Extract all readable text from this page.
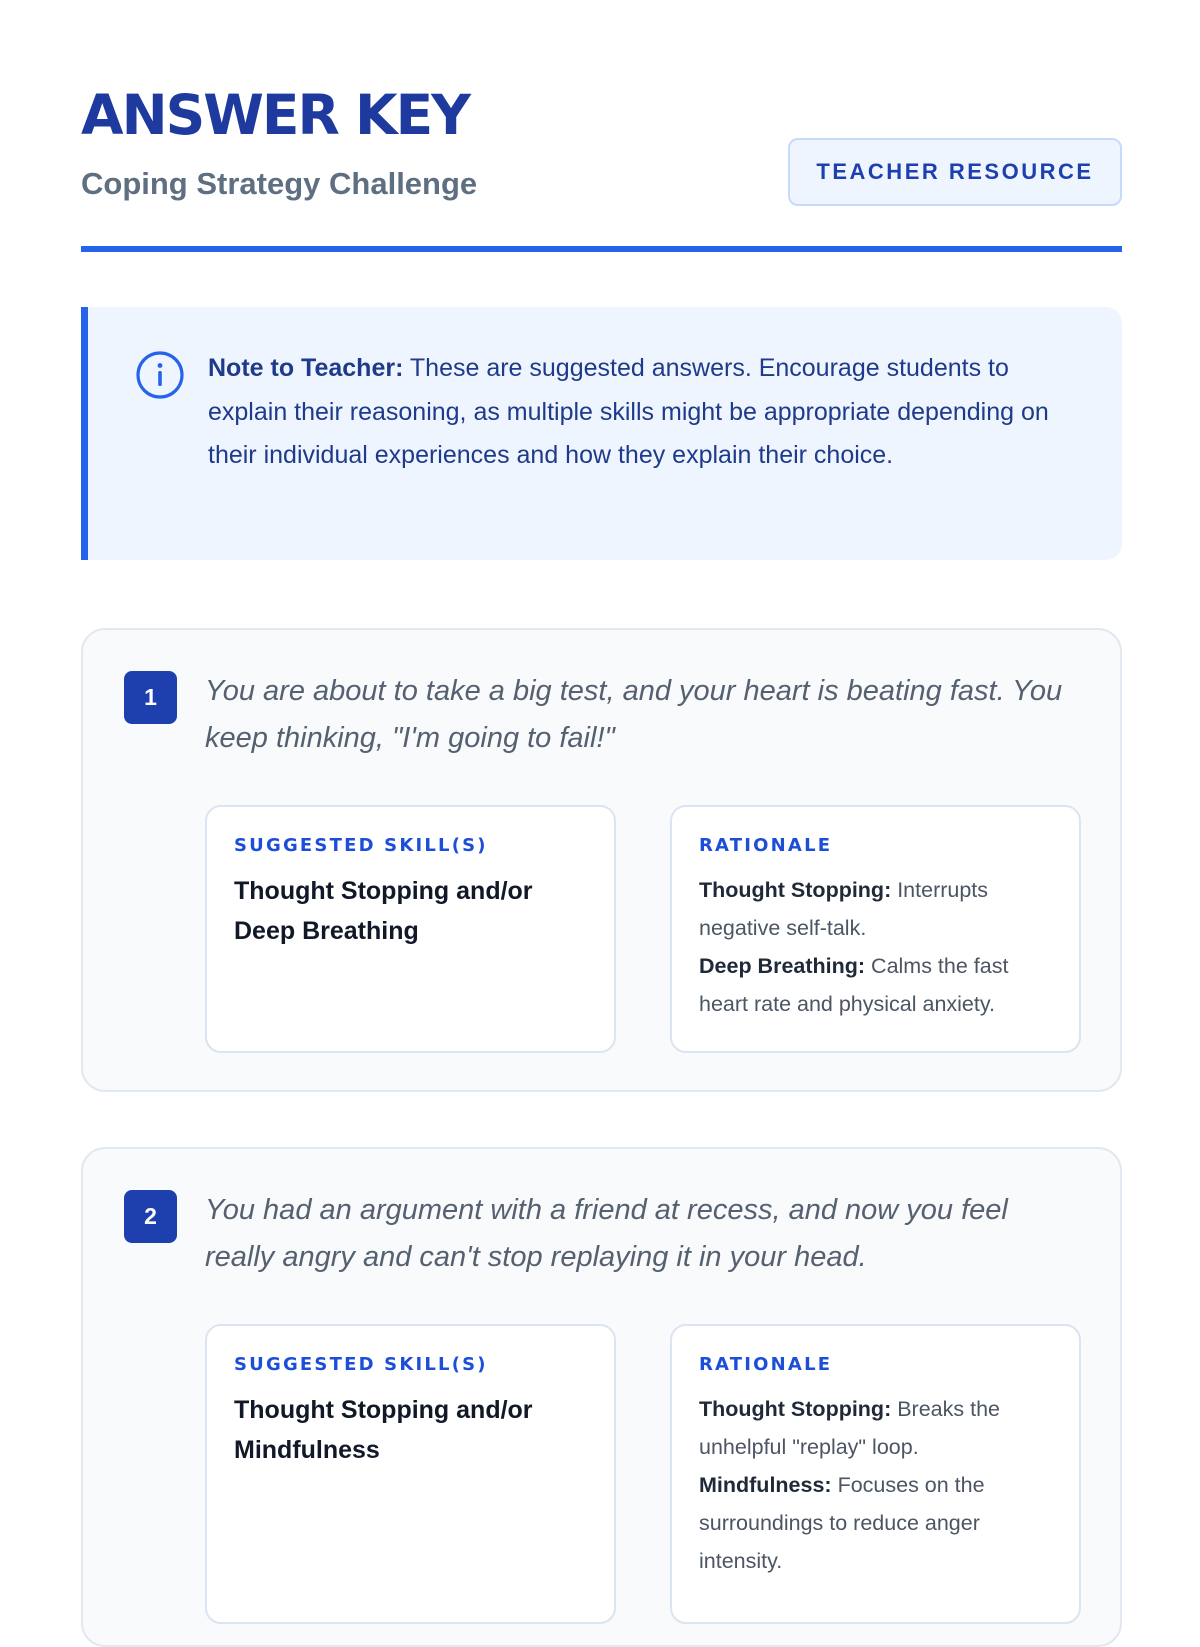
ANSWER KEY
Coping Strategy Challenge	TEACHER RESOURCE

Note to Teacher: These are suggested answers. Encourage students to explain their reasoning, as multiple skills might be appropriate depending on their individual experiences and how they explain their choice.

1	You are about to take a big test, and your heart is beating fast. You keep thinking, "I'm going to fail!"

SUGGESTED SKILL(S)

Thought Stopping and/or Deep Breathing

RATIONALE

Thought Stopping: Interrupts negative self-talk.

Deep Breathing: Calms the fast heart rate and physical anxiety.

2	You had an argument with a friend at recess, and now you feel really angry and can't stop replaying it in your head.

SUGGESTED SKILL(S)

Thought Stopping and/or Mindfulness

RATIONALE

Thought Stopping: Breaks the unhelpful "replay" loop.

Mindfulness: Focuses on the surroundings to reduce anger intensity.
